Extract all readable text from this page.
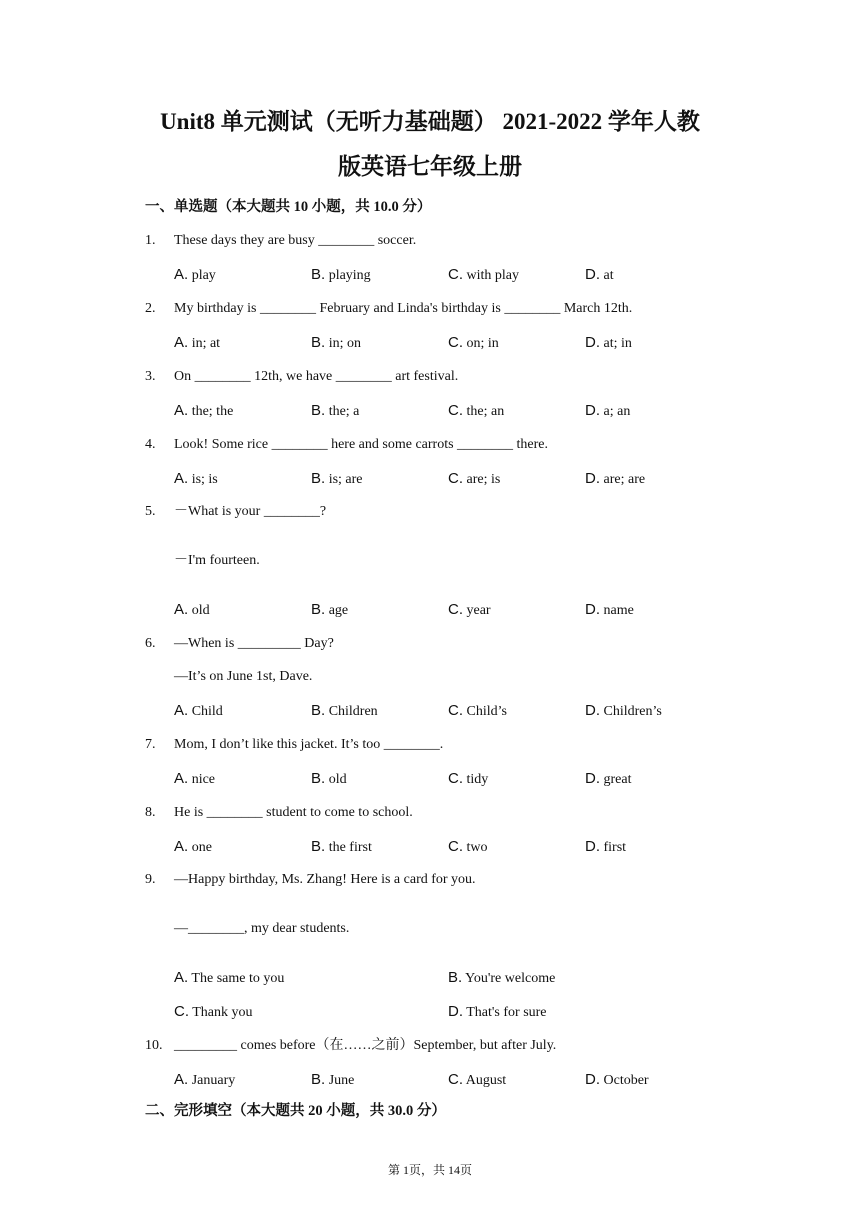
Unit8 单元测试（无听力基础题） 2021-2022 学年人教
版英语七年级上册
一、单选题（本大题共 10 小题，共 10.0 分）
1. These days they are busy ________ soccer.
A. play	B. playing	C. with play	D. at
2. My birthday is ________ February and Linda's birthday is ________ March 12th.
A. in; at	B. in; on	C. on; in	D. at; in
3. On ________ 12th, we have ________ art festival.
A. the; the	B. the; a	C. the; an	D. a; an
4. Look! Some rice ________ here and some carrots ________ there.
A. is; is	B. is; are	C. are; is	D. are; are
5. －What is your ________?
－I'm fourteen.
A. old	B. age	C. year	D. name
6. —When is _________ Day?
—It’s on June 1st, Dave.
A. Child	B. Children	C. Child’s	D. Children’s
7. Mom, I don’t like this jacket. It’s too ________.
A. nice	B. old	C. tidy	D. great
8. He is ________ student to come to school.
A. one	B. the first	C. two	D. first
9. —Happy birthday, Ms. Zhang! Here is a card for you.
—________, my dear students.
A. The same to you	B. You're welcome
C. Thank you	D. That's for sure
10. _________ comes before（在……之前）September, but after July.
A. January	B. June	C. August	D. October
二、完形填空（本大题共 20 小题，共 30.0 分）
第 1页，共 14页
